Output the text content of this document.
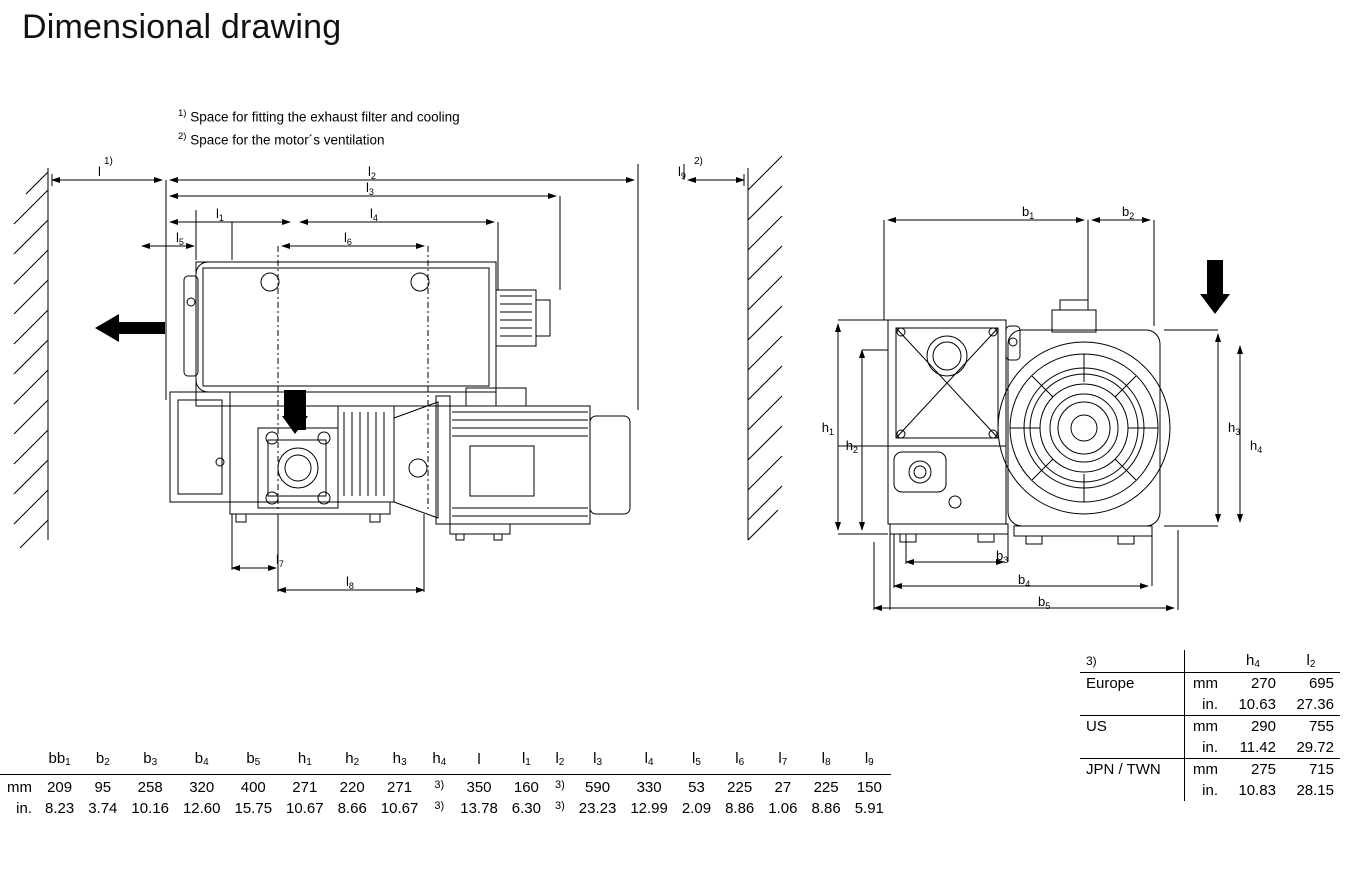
Dimensional drawing
$^{1)}$ Space for fitting the exhaust filter and cooling
$^{2)}$ Space for the motor´s ventilation
l	$l_2$	$l_9$
$l_3$
$l_1$	$l_4$
$l_5$	$l_6$
$l_7$
$l_8$
1)	2)
$b_1$	$b_2$
$b_3$
$b_4$
$b_5$
$h_1$
$h_2$
$h_3$
$h_4$
	$bb_1$	$b_2$	$b_3$	$b_4$	$b_5$	$h_1$	$h_2$	$h_3$	$h_4$	l	$l_1$	$l_2$	$l_3$	$l_4$	$l_5$	$l_6$	$l_7$	$l_8$	$l_9$
mm	209	95	258	320	400	271	220	271	3)	350	160	3)	590	330	53	225	27	225	150
in.	8.23	3.74	10.16	12.60	15.75	10.67	8.66	10.67	3)	13.78	6.30	3)	23.23	12.99	2.09	8.86	1.06	8.86	5.91
3)		$h_4$	$l_2$
Europe	mm	270	695
	in.	10.63	27.36
US	mm	290	755
	in.	11.42	29.72
JPN / TWN	mm	275	715
	in.	10.83	28.15
